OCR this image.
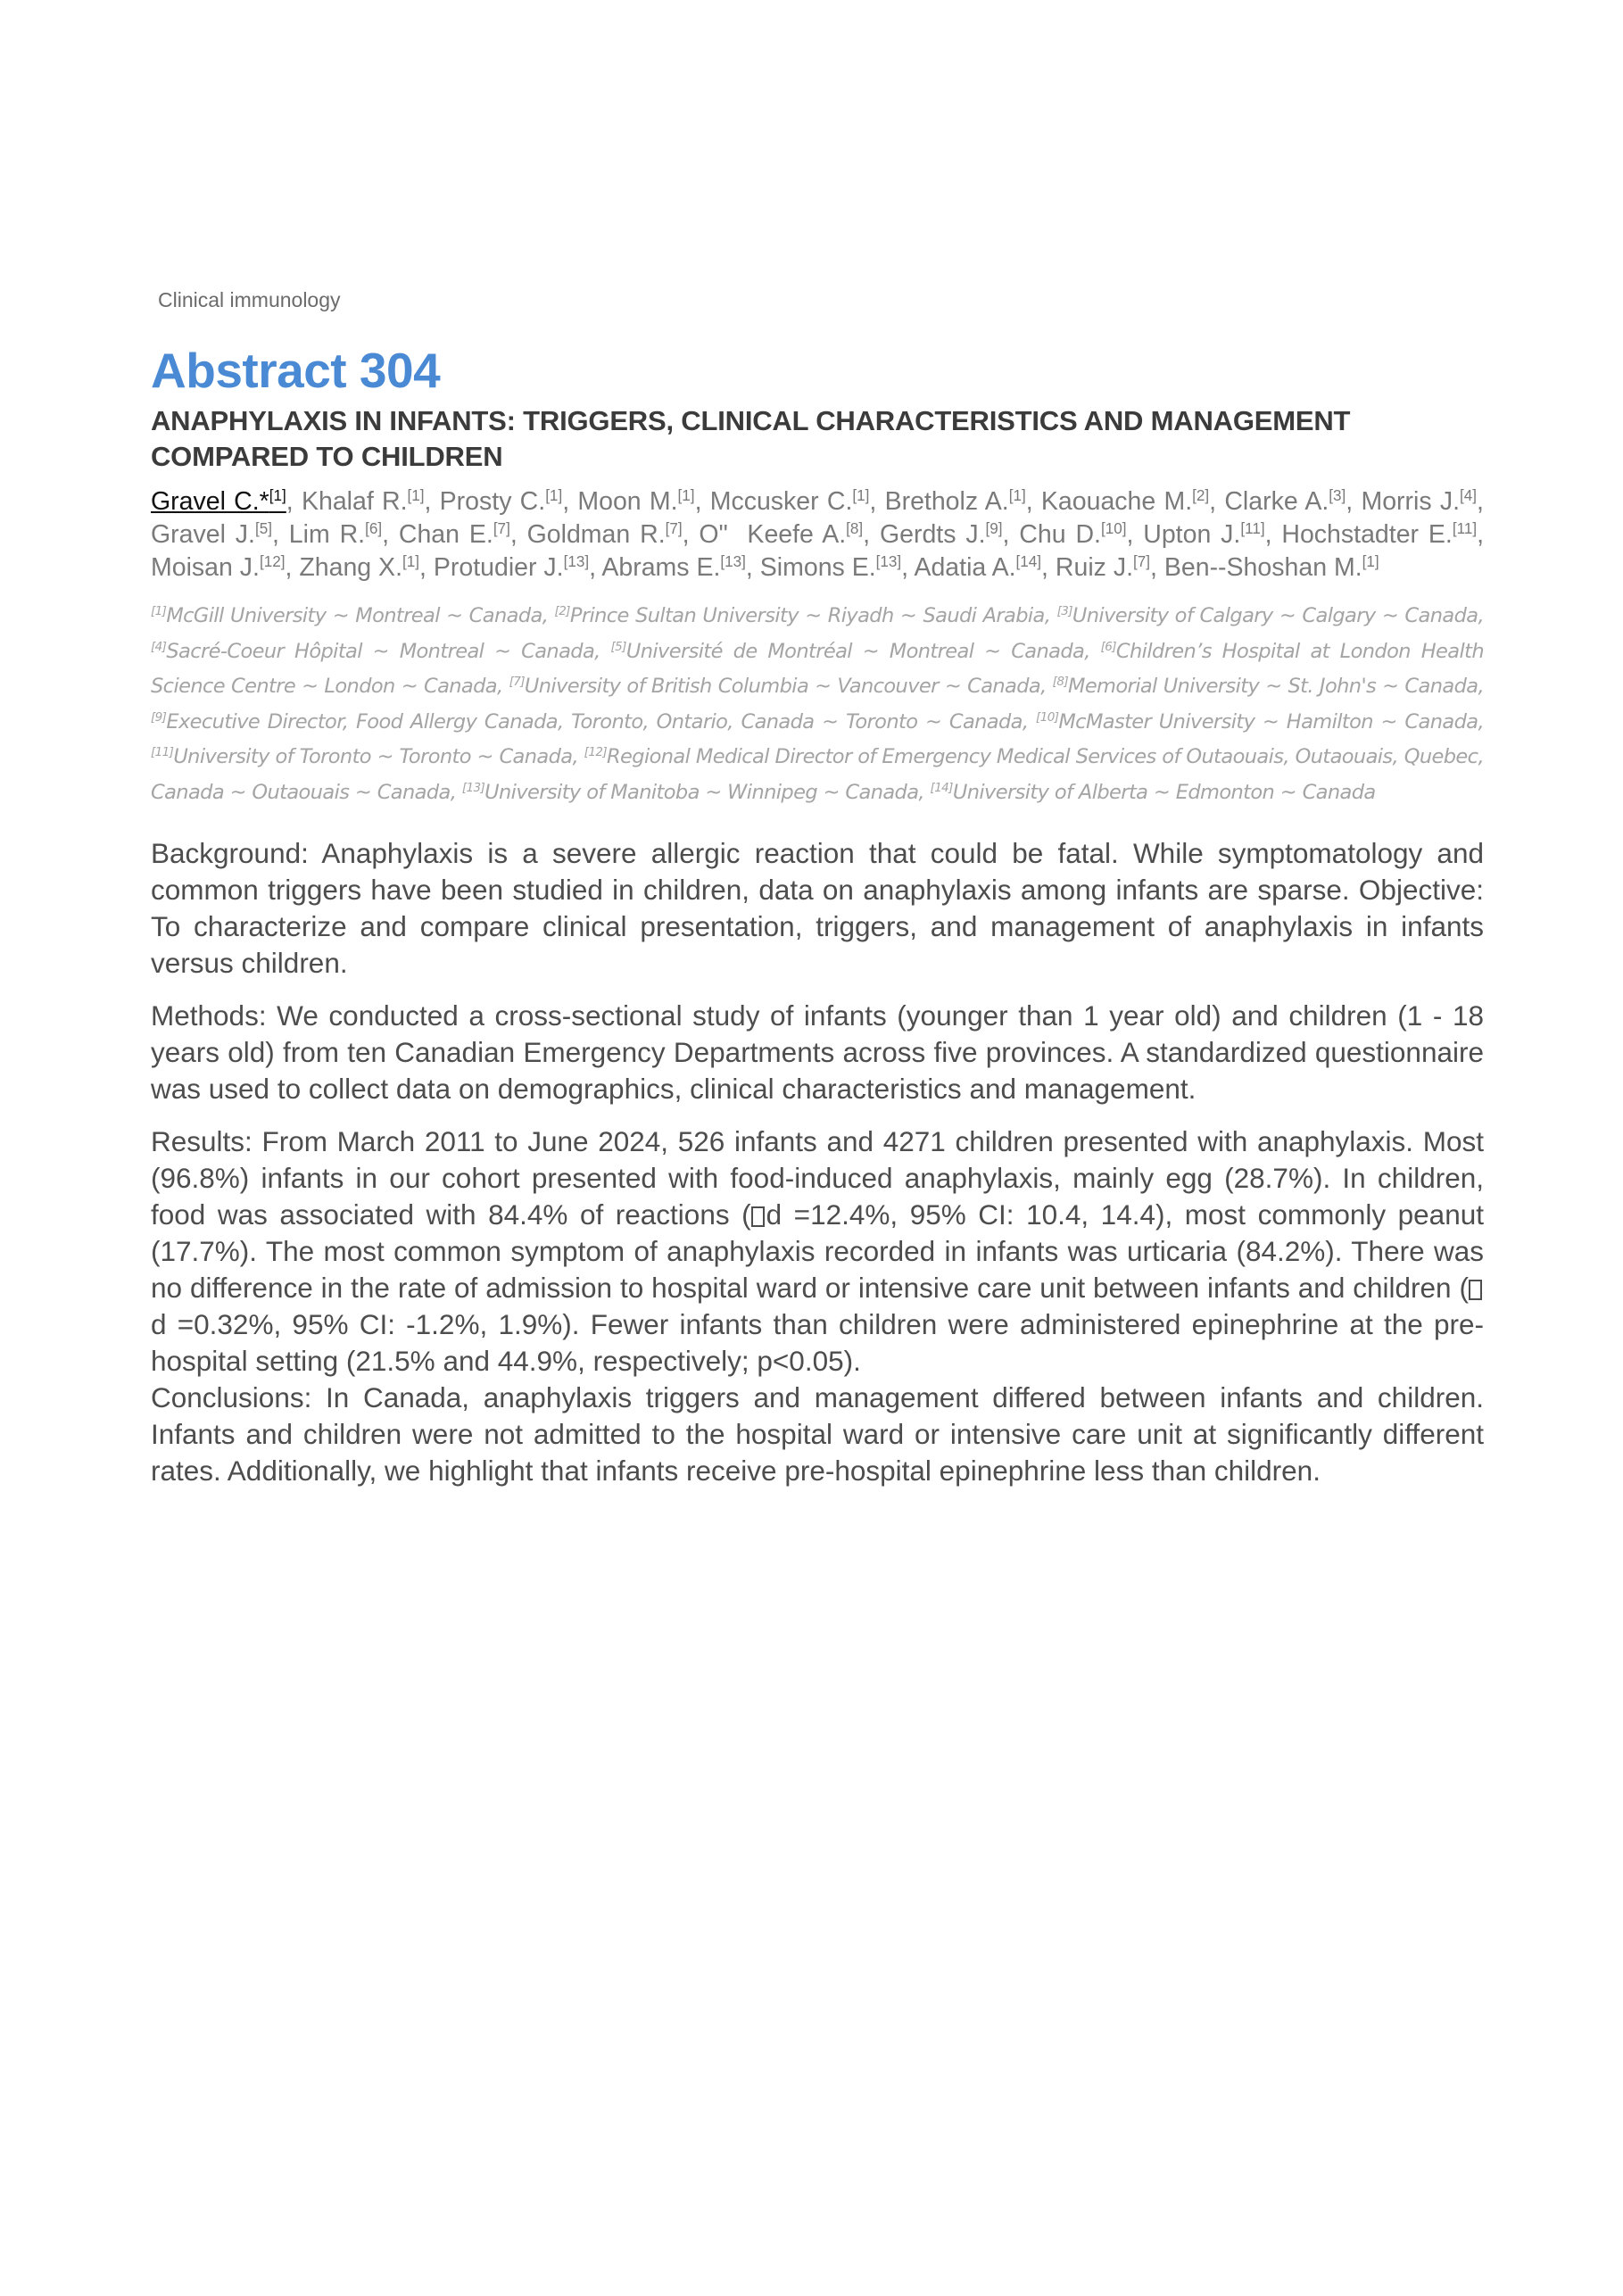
Clinical immunology
Abstract 304
ANAPHYLAXIS IN INFANTS: TRIGGERS, CLINICAL CHARACTERISTICS AND MANAGEMENT COMPARED TO CHILDREN
Gravel C.*[1], Khalaf R.[1], Prosty C.[1], Moon M.[1], Mccusker C.[1], Bretholz A.[1], Kaouache M.[2], Clarke A.[3], Morris J.[4], Gravel J.[5], Lim R.[6], Chan E.[7], Goldman R.[7], O"  Keefe A.[8], Gerdts J.[9], Chu D.[10], Upton J.[11], Hochstadter E.[11], Moisan J.[12], Zhang X.[1], Protudier J.[13], Abrams E.[13], Simons E.[13], Adatia A.[14], Ruiz J.[7], Ben--Shoshan M.[1]
[1]McGill University ~ Montreal ~ Canada, [2]Prince Sultan University ~ Riyadh ~ Saudi Arabia, [3]University of Calgary ~ Calgary ~ Canada, [4]Sacré-Coeur Hôpital ~ Montreal ~ Canada, [5]Université de Montréal ~ Montreal ~ Canada, [6]Children’s Hospital at London Health Science Centre ~ London ~ Canada, [7]University of British Columbia ~ Vancouver ~ Canada, [8]Memorial University ~ St. John's ~ Canada, [9]Executive Director, Food Allergy Canada, Toronto, Ontario, Canada ~ Toronto ~ Canada, [10]McMaster University ~ Hamilton ~ Canada, [11]University of Toronto ~ Toronto ~ Canada, [12]Regional Medical Director of Emergency Medical Services of Outaouais, Outaouais, Quebec, Canada ~ Outaouais ~ Canada, [13]University of Manitoba ~ Winnipeg ~ Canada, [14]University of Alberta ~ Edmonton ~ Canada

Background: Anaphylaxis is a severe allergic reaction that could be fatal. While symptomatology and common triggers have been studied in children, data on anaphylaxis among infants are sparse. Objective: To characterize and compare clinical presentation, triggers, and management of anaphylaxis in infants versus children.

Methods: We conducted a cross-sectional study of infants (younger than 1 year old) and children (1 - 18 years old) from ten Canadian Emergency Departments across five provinces. A standardized questionnaire was used to collect data on demographics, clinical characteristics and management.

Results: From March 2011 to June 2024, 526 infants and 4271 children presented with anaphylaxis. Most (96.8%) infants in our cohort presented with food-induced anaphylaxis, mainly egg (28.7%). In children, food was associated with 84.4% of reactions ( d =12.4%, 95% CI: 10.4, 14.4), most commonly peanut (17.7%). The most common symptom of anaphylaxis recorded in infants was urticaria (84.2%). There was no difference in the rate of admission to hospital ward or intensive care unit between infants and children (d =0.32%, 95% CI: -1.2%, 1.9%). Fewer infants than children were administered epinephrine at the pre-hospital setting (21.5% and 44.9%, respectively; p<0.05).

Conclusions: In Canada, anaphylaxis triggers and management differed between infants and children. Infants and children were not admitted to the hospital ward or intensive care unit at significantly different rates. Additionally, we highlight that infants receive pre-hospital epinephrine less than children.
